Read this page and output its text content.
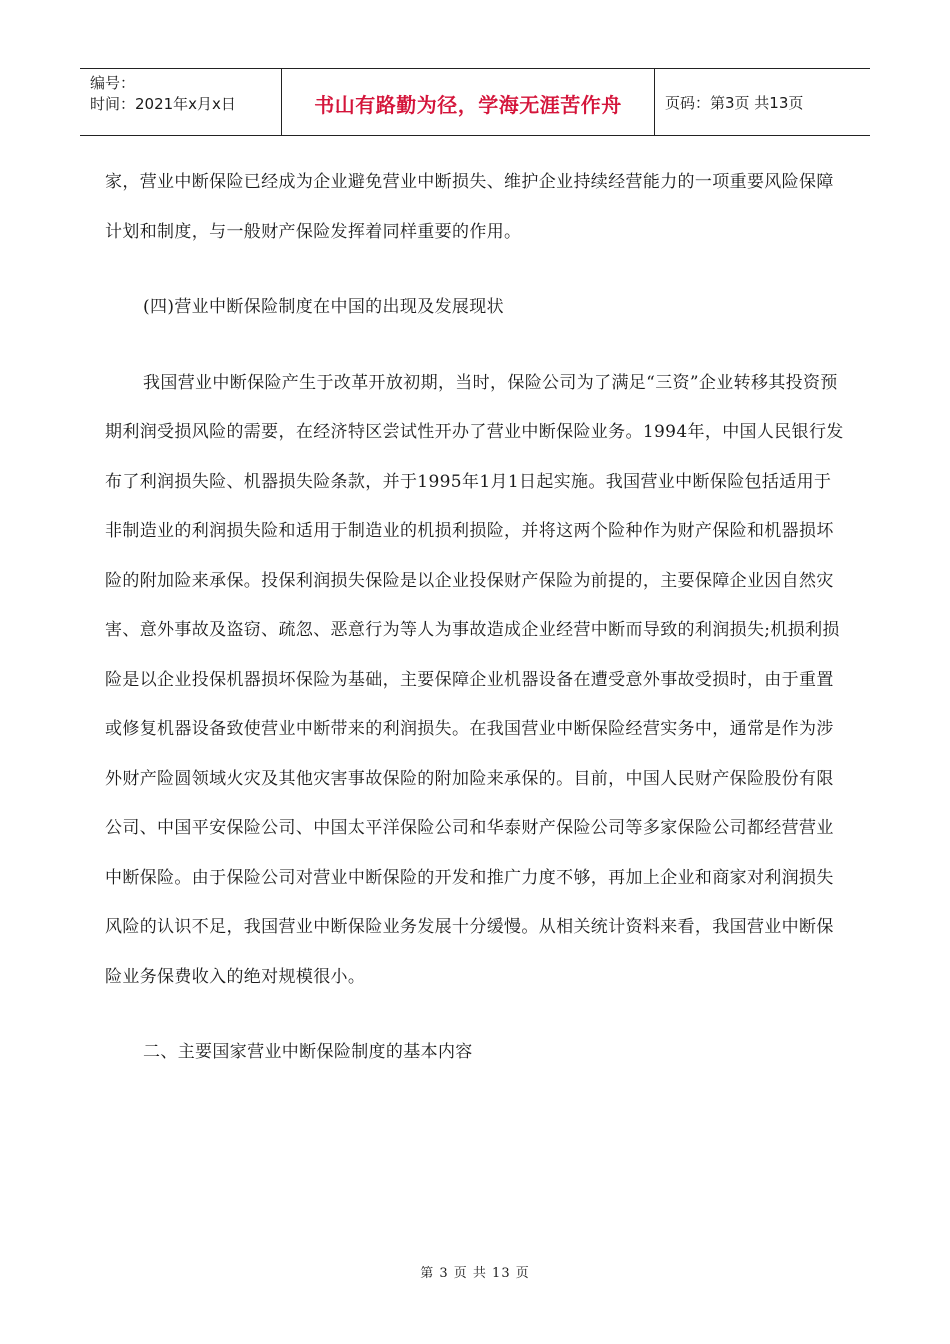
编号：
时间：2021年x月x日	书山有路勤为径，学海无涯苦作舟	页码：第3页 共13页

家，营业中断保险已经成为企业避免营业中断损失、维护企业持续经营能力的一项重要风险保障计划和制度，与一般财产保险发挥着同样重要的作用。

(四)营业中断保险制度在中国的出现及发展现状

我国营业中断保险产生于改革开放初期，当时，保险公司为了满足“三资”企业转移其投资预期利润受损风险的需要，在经济特区尝试性开办了营业中断保险业务。1994年，中国人民银行发布了利润损失险、机器损失险条款，并于1995年1月1日起实施。我国营业中断保险包括适用于非制造业的利润损失险和适用于制造业的机损利损险，并将这两个险种作为财产保险和机器损坏险的附加险来承保。投保利润损失保险是以企业投保财产保险为前提的，主要保障企业因自然灾害、意外事故及盗窃、疏忽、恶意行为等人为事故造成企业经营中断而导致的利润损失;机损利损险是以企业投保机器损坏保险为基础，主要保障企业机器设备在遭受意外事故受损时，由于重置或修复机器设备致使营业中断带来的利润损失。在我国营业中断保险经营实务中，通常是作为涉外财产险圆领域火灾及其他灾害事故保险的附加险来承保的。目前，中国人民财产保险股份有限公司、中国平安保险公司、中国太平洋保险公司和华泰财产保险公司等多家保险公司都经营营业中断保险。由于保险公司对营业中断保险的开发和推广力度不够，再加上企业和商家对利润损失风险的认识不足，我国营业中断保险业务发展十分缓慢。从相关统计资料来看，我国营业中断保险业务保费收入的绝对规模很小。

二、主要国家营业中断保险制度的基本内容

第 3 页 共 13 页
